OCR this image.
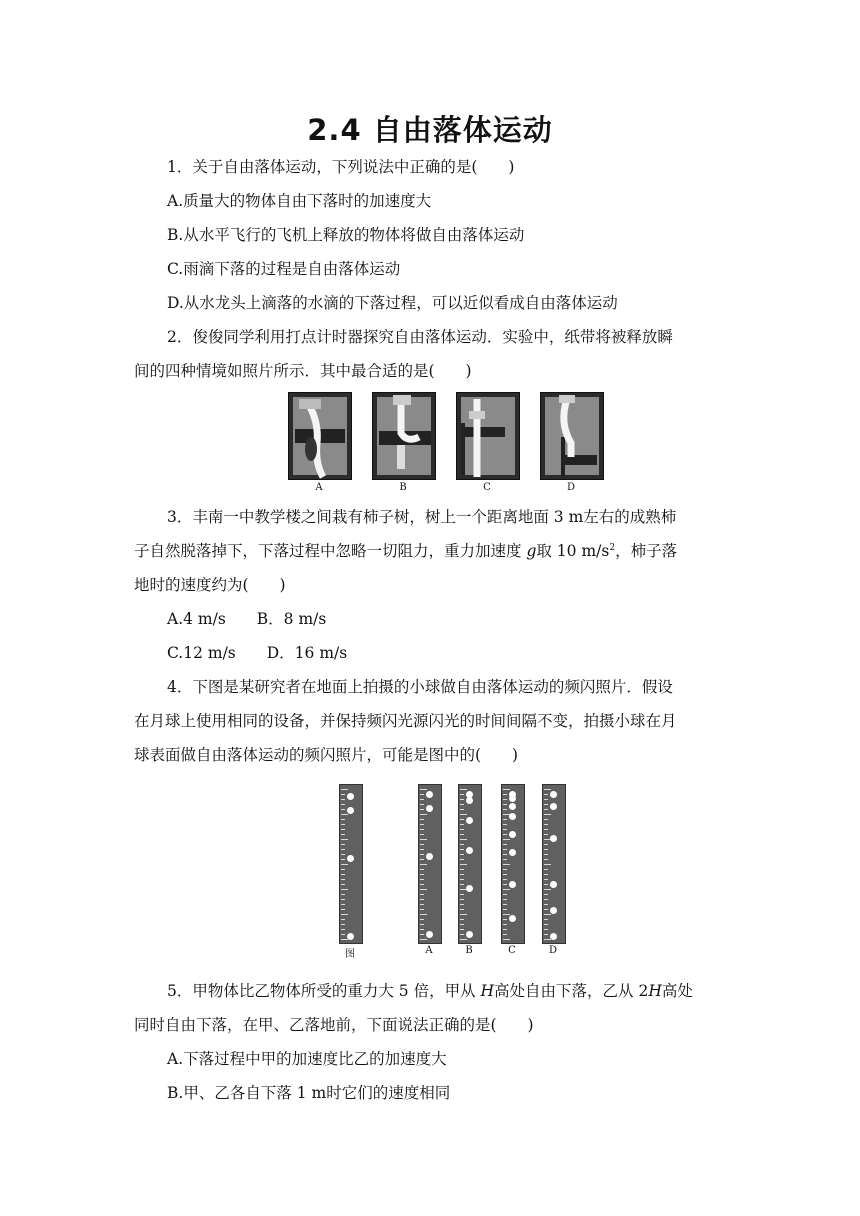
2.4 自由落体运动
1．关于自由落体运动，下列说法中正确的是(　　)
A.质量大的物体自由下落时的加速度大
B.从水平飞行的飞机上释放的物体将做自由落体运动
C.雨滴下落的过程是自由落体运动
D.从水龙头上滴落的水滴的下落过程，可以近似看成自由落体运动
2．俊俊同学利用打点计时器探究自由落体运动．实验中，纸带将被释放瞬
间的四种情境如照片所示．其中最合适的是(　　)
A	B	C	D
3．丰南一中教学楼之间栽有柿子树，树上一个距离地面 3 m左右的成熟柿
子自然脱落掉下，下落过程中忽略一切阻力，重力加速度 g取 10 $m/s^2$，柿子落
地时的速度约为(　　)
A.4 m/s　　B．8 m/s
C.12 m/s　　D．16 m/s
4．下图是某研究者在地面上拍摄的小球做自由落体运动的频闪照片．假设
在月球上使用相同的设备，并保持频闪光源闪光的时间间隔不变，拍摄小球在月
球表面做自由落体运动的频闪照片，可能是图中的(　　)
图	A	B	C	D
5．甲物体比乙物体所受的重力大 5 倍，甲从 H高处自由下落，乙从 2H高处
同时自由下落，在甲、乙落地前，下面说法正确的是(　　)
A.下落过程中甲的加速度比乙的加速度大
B.甲、乙各自下落 1 m时它们的速度相同
